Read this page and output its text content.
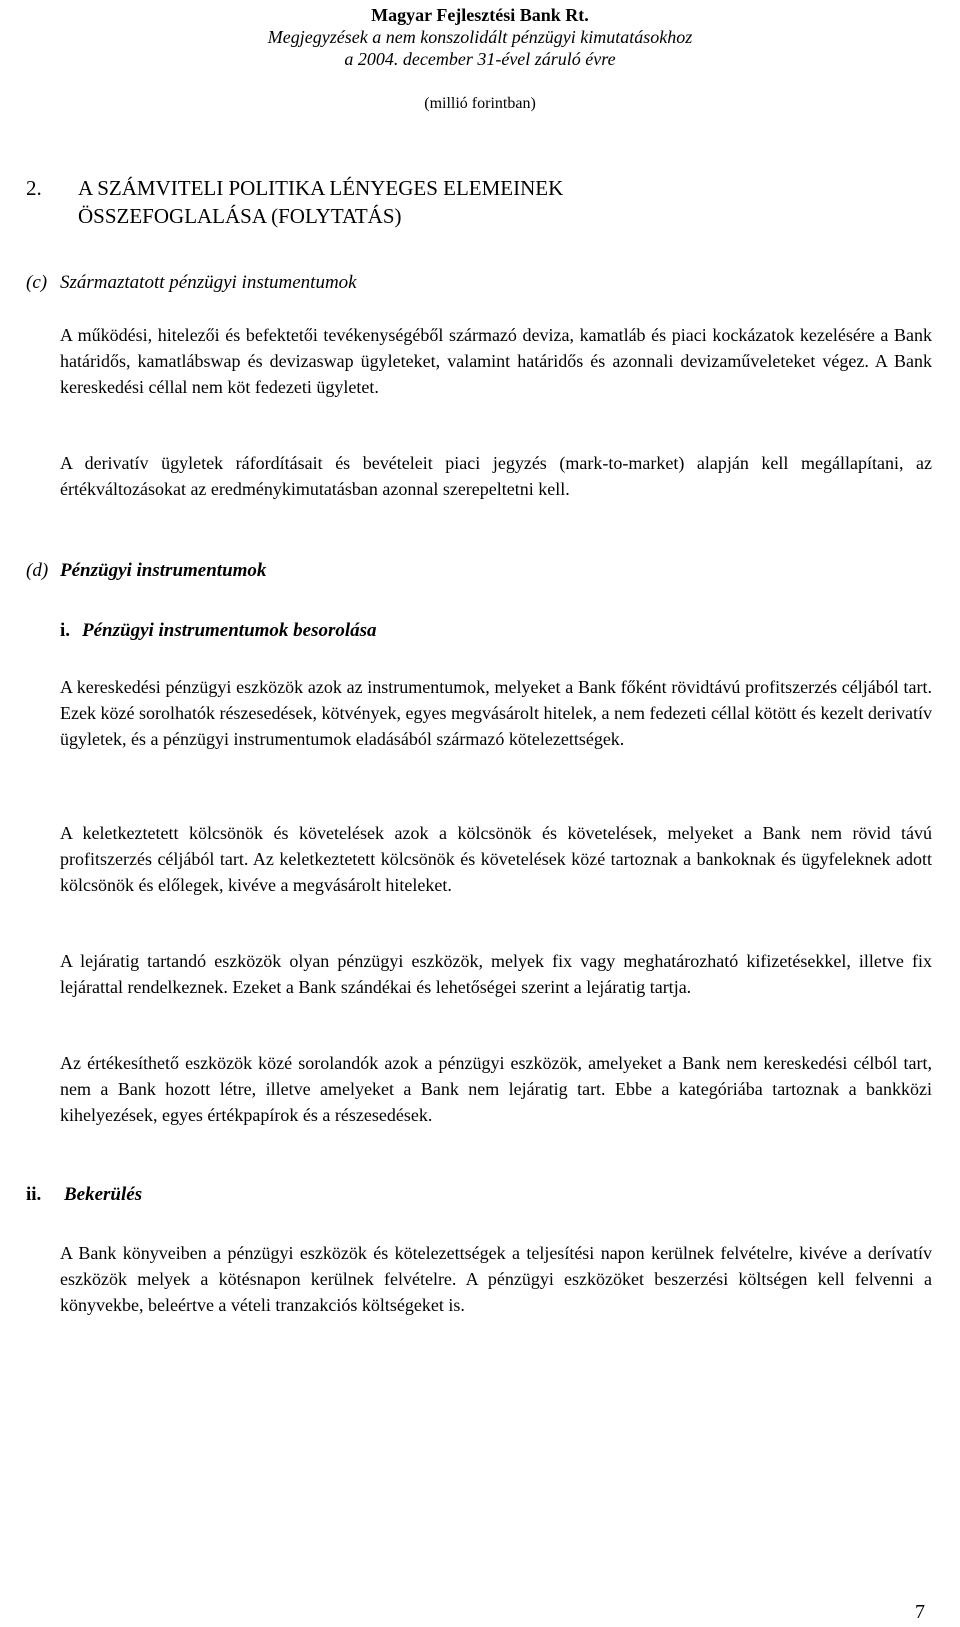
Magyar Fejlesztési Bank Rt.
Megjegyzések a nem konszolidált pénzügyi kimutatásokhoz
a 2004. december 31-ével záruló évre
(millió forintban)
2. A SZÁMVITELI POLITIKA LÉNYEGES ELEMEINEK
ÖSSZEFOGLALÁSA (FOLYTATÁS)
(c) Származtatott pénzügyi instumentumok

A működési, hitelezői és befektetői tevékenységéből származó deviza, kamatláb és piaci kockázatok kezelésére a Bank határidős, kamatlábswap és devizaswap ügyleteket, valamint határidős és azonnali devizaműveleteket végez. A Bank kereskedési céllal nem köt fedezeti ügyletet.

A derivatív ügyletek ráfordításait és bevételeit piaci jegyzés (mark-to-market) alapján kell megállapítani, az értékváltozásokat az eredménykimutatásban azonnal szerepeltetni kell.

(d) Pénzügyi instrumentumok
i. Pénzügyi instrumentumok besorolása

A kereskedési pénzügyi eszközök azok az instrumentumok, melyeket a Bank főként rövidtávú profitszerzés céljából tart. Ezek közé sorolhatók részesedések, kötvények, egyes megvásárolt hitelek, a nem fedezeti céllal kötött és kezelt derivatív ügyletek, és a pénzügyi instrumentumok eladásából származó kötelezettségek.

A keletkeztetett kölcsönök és követelések azok a kölcsönök és követelések, melyeket a Bank nem rövid távú profitszerzés céljából tart. Az keletkeztetett kölcsönök és követelések közé tartoznak a bankoknak és ügyfeleknek adott kölcsönök és előlegek, kivéve a megvásárolt hiteleket.

A lejáratig tartandó eszközök olyan pénzügyi eszközök, melyek fix vagy meghatározható kifizetésekkel, illetve fix lejárattal rendelkeznek. Ezeket a Bank szándékai és lehetőségei szerint a lejáratig tartja.

Az értékesíthető eszközök közé sorolandók azok a pénzügyi eszközök, amelyeket a Bank nem kereskedési célból tart, nem a Bank hozott létre, illetve amelyeket a Bank nem lejáratig tart. Ebbe a kategóriába tartoznak a bankközi kihelyezések, egyes értékpapírok és a részesedések.

ii. Bekerülés

A Bank könyveiben a pénzügyi eszközök és kötelezettségek a teljesítési napon kerülnek felvételre, kivéve a derívatív eszközök melyek a kötésnapon kerülnek felvételre. A pénzügyi eszközöket beszerzési költségen kell felvenni a könyvekbe, beleértve a vételi tranzakciós költségeket is.

7
